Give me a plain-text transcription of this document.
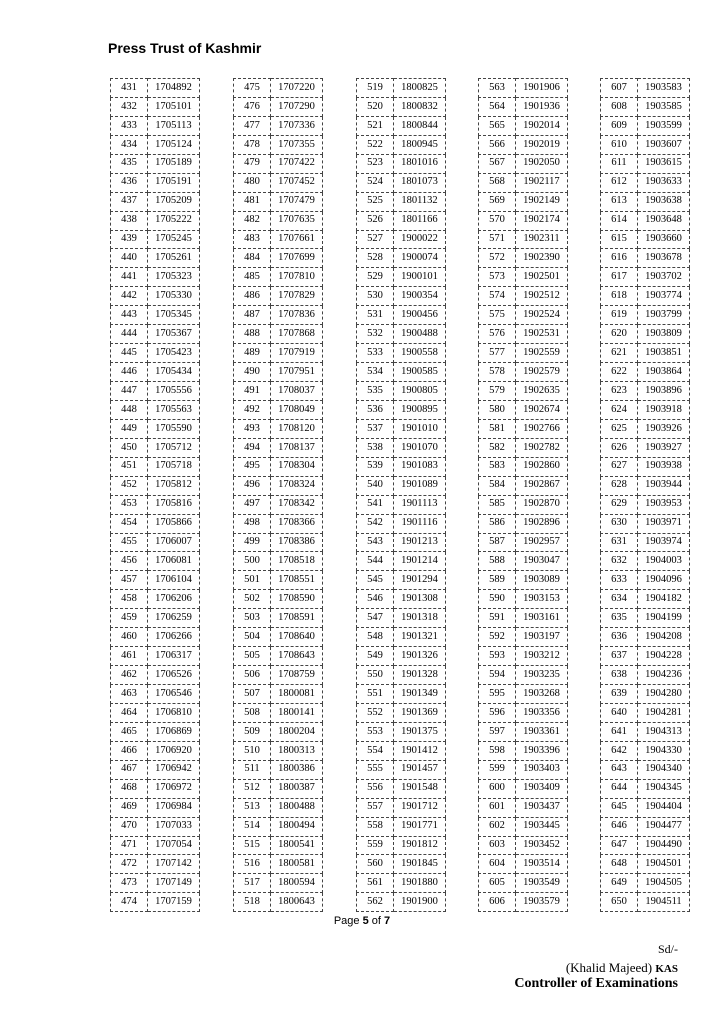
Press Trust of Kashmir
431	1704892
432	1705101
433	1705113
434	1705124
435	1705189
436	1705191
437	1705209
438	1705222
439	1705245
440	1705261
441	1705323
442	1705330
443	1705345
444	1705367
445	1705423
446	1705434
447	1705556
448	1705563
449	1705590
450	1705712
451	1705718
452	1705812
453	1705816
454	1705866
455	1706007
456	1706081
457	1706104
458	1706206
459	1706259
460	1706266
461	1706317
462	1706526
463	1706546
464	1706810
465	1706869
466	1706920
467	1706942
468	1706972
469	1706984
470	1707033
471	1707054
472	1707142
473	1707149
474	1707159
475	1707220
476	1707290
477	1707336
478	1707355
479	1707422
480	1707452
481	1707479
482	1707635
483	1707661
484	1707699
485	1707810
486	1707829
487	1707836
488	1707868
489	1707919
490	1707951
491	1708037
492	1708049
493	1708120
494	1708137
495	1708304
496	1708324
497	1708342
498	1708366
499	1708386
500	1708518
501	1708551
502	1708590
503	1708591
504	1708640
505	1708643
506	1708759
507	1800081
508	1800141
509	1800204
510	1800313
511	1800386
512	1800387
513	1800488
514	1800494
515	1800541
516	1800581
517	1800594
518	1800643
519	1800825
520	1800832
521	1800844
522	1800945
523	1801016
524	1801073
525	1801132
526	1801166
527	1900022
528	1900074
529	1900101
530	1900354
531	1900456
532	1900488
533	1900558
534	1900585
535	1900805
536	1900895
537	1901010
538	1901070
539	1901083
540	1901089
541	1901113
542	1901116
543	1901213
544	1901214
545	1901294
546	1901308
547	1901318
548	1901321
549	1901326
550	1901328
551	1901349
552	1901369
553	1901375
554	1901412
555	1901457
556	1901548
557	1901712
558	1901771
559	1901812
560	1901845
561	1901880
562	1901900
563	1901906
564	1901936
565	1902014
566	1902019
567	1902050
568	1902117
569	1902149
570	1902174
571	1902311
572	1902390
573	1902501
574	1902512
575	1902524
576	1902531
577	1902559
578	1902579
579	1902635
580	1902674
581	1902766
582	1902782
583	1902860
584	1902867
585	1902870
586	1902896
587	1902957
588	1903047
589	1903089
590	1903153
591	1903161
592	1903197
593	1903212
594	1903235
595	1903268
596	1903356
597	1903361
598	1903396
599	1903403
600	1903409
601	1903437
602	1903445
603	1903452
604	1903514
605	1903549
606	1903579
607	1903583
608	1903585
609	1903599
610	1903607
611	1903615
612	1903633
613	1903638
614	1903648
615	1903660
616	1903678
617	1903702
618	1903774
619	1903799
620	1903809
621	1903851
622	1903864
623	1903896
624	1903918
625	1903926
626	1903927
627	1903938
628	1903944
629	1903953
630	1903971
631	1903974
632	1904003
633	1904096
634	1904182
635	1904199
636	1904208
637	1904228
638	1904236
639	1904280
640	1904281
641	1904313
642	1904330
643	1904340
644	1904345
645	1904404
646	1904477
647	1904490
648	1904501
649	1904505
650	1904511
Page 5 of 7
Sd/-
(Khalid Majeed) KAS
Controller of Examinations
